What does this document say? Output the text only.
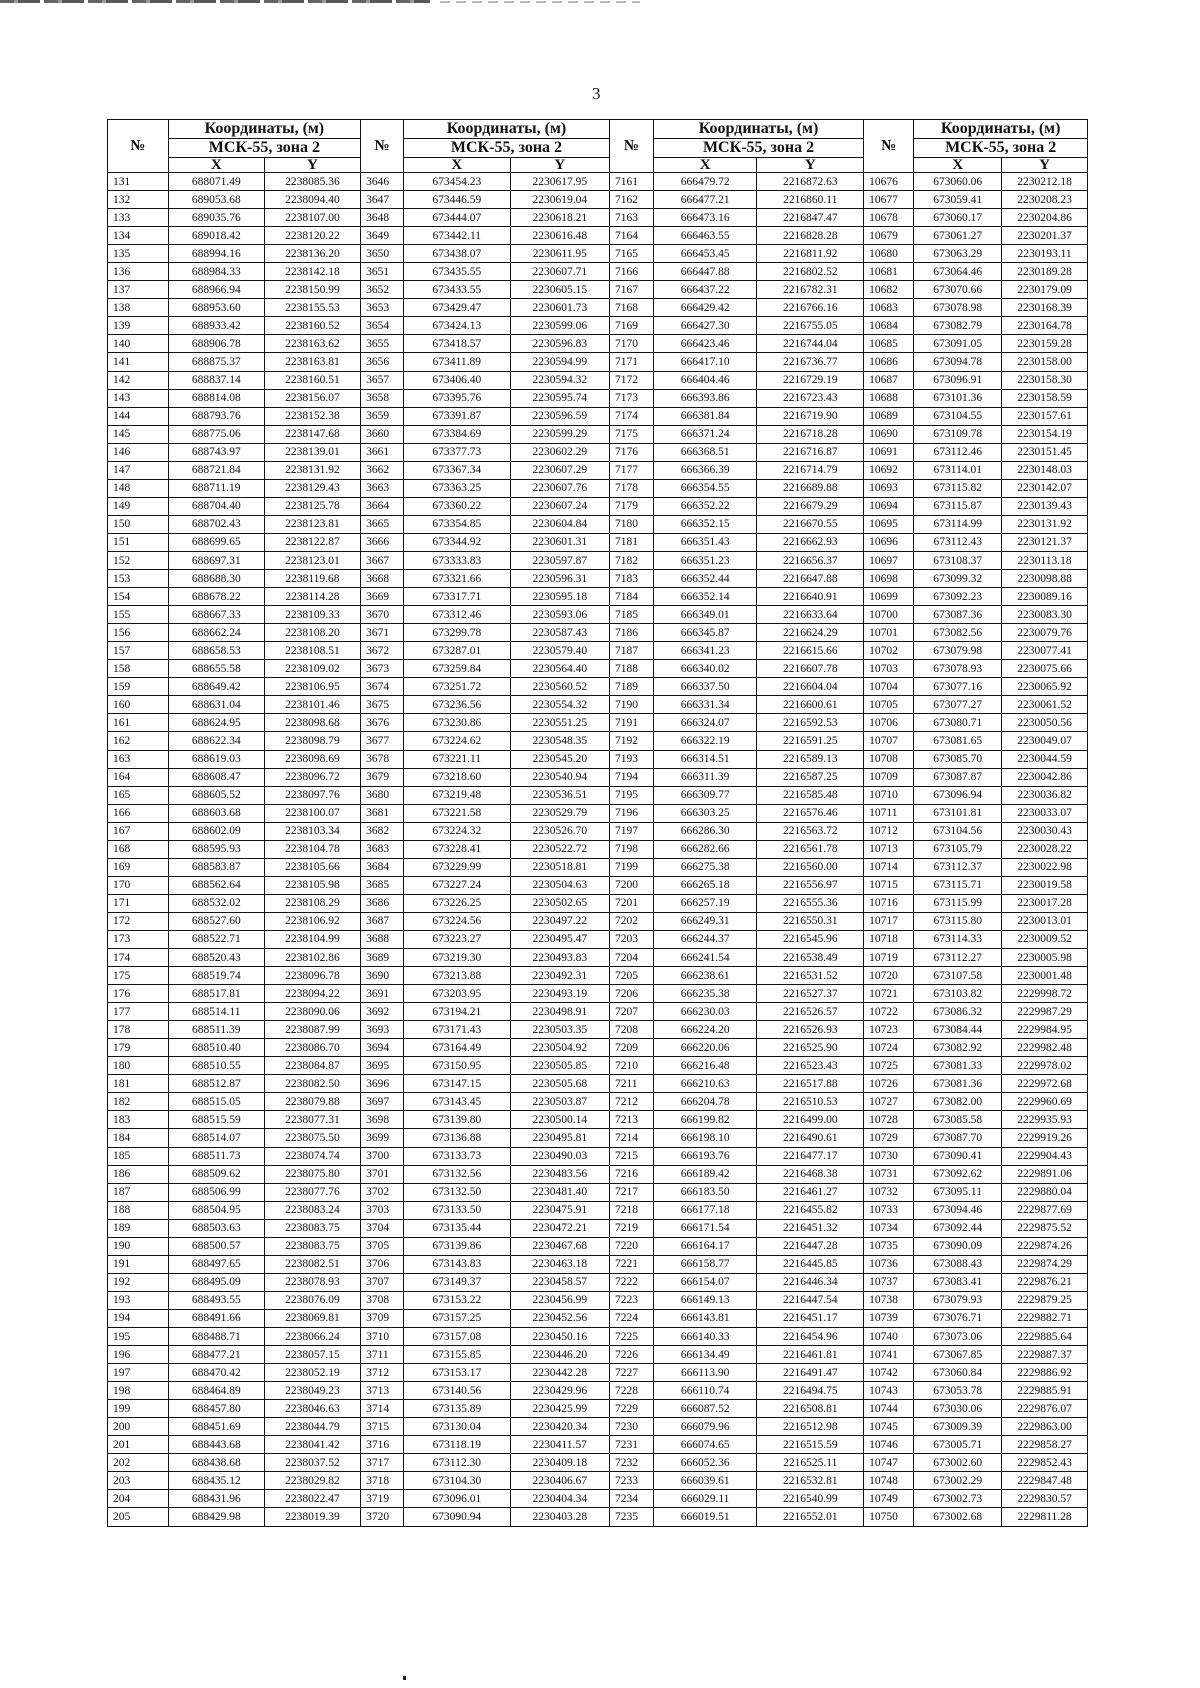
3
№	Координаты, (м)		№	Координаты, (м)		№	Координаты, (м)		№	Координаты, (м)	
	МСК-55, зона 2			МСК-55, зона 2			МСК-55, зона 2			МСК-55, зона 2	
	X	Y		X	Y		X	Y		X	Y
131	688071.49	2238085.36	3646	673454.23	2230617.95	7161	666479.72	2216872.63	10676	673060.06	2230212.18
132	689053.68	2238094.40	3647	673446.59	2230619.04	7162	666477.21	2216860.11	10677	673059.41	2230208.23
133	689035.76	2238107.00	3648	673444.07	2230618.21	7163	666473.16	2216847.47	10678	673060.17	2230204.86
134	689018.42	2238120.22	3649	673442.11	2230616.48	7164	666463.55	2216828.28	10679	673061.27	2230201.37
135	688994.16	2238136.20	3650	673438.07	2230611.95	7165	666453.45	2216811.92	10680	673063.29	2230193.11
136	688984.33	2238142.18	3651	673435.55	2230607.71	7166	666447.88	2216802.52	10681	673064.46	2230189.28
137	688966.94	2238150.99	3652	673433.55	2230605.15	7167	666437.22	2216782.31	10682	673070.66	2230179.09
138	688953.60	2238155.53	3653	673429.47	2230601.73	7168	666429.42	2216766.16	10683	673078.98	2230168.39
139	688933.42	2238160.52	3654	673424.13	2230599.06	7169	666427.30	2216755.05	10684	673082.79	2230164.78
140	688906.78	2238163.62	3655	673418.57	2230596.83	7170	666423.46	2216744.04	10685	673091.05	2230159.28
141	688875.37	2238163.81	3656	673411.89	2230594.99	7171	666417.10	2216736.77	10686	673094.78	2230158.00
142	688837.14	2238160.51	3657	673406.40	2230594.32	7172	666404.46	2216729.19	10687	673096.91	2230158.30
143	688814.08	2238156.07	3658	673395.76	2230595.74	7173	666393.86	2216723.43	10688	673101.36	2230158.59
144	688793.76	2238152.38	3659	673391.87	2230596.59	7174	666381.84	2216719.90	10689	673104.55	2230157.61
145	688775.06	2238147.68	3660	673384.69	2230599.29	7175	666371.24	2216718.28	10690	673109.78	2230154.19
146	688743.97	2238139.01	3661	673377.73	2230602.29	7176	666368.51	2216716.87	10691	673112.46	2230151.45
147	688721.84	2238131.92	3662	673367.34	2230607.29	7177	666366.39	2216714.79	10692	673114.01	2230148.03
148	688711.19	2238129.43	3663	673363.25	2230607.76	7178	666354.55	2216689.88	10693	673115.82	2230142.07
149	688704.40	2238125.78	3664	673360.22	2230607.24	7179	666352.22	2216679.29	10694	673115.87	2230139.43
150	688702.43	2238123.81	3665	673354.85	2230604.84	7180	666352.15	2216670.55	10695	673114.99	2230131.92
151	688699.65	2238122.87	3666	673344.92	2230601.31	7181	666351.43	2216662.93	10696	673112.43	2230121.37
152	688697.31	2238123.01	3667	673333.83	2230597.87	7182	666351.23	2216656.37	10697	673108.37	2230113.18
153	688688.30	2238119.68	3668	673321.66	2230596.31	7183	666352.44	2216647.88	10698	673099.32	2230098.88
154	688678.22	2238114.28	3669	673317.71	2230595.18	7184	666352.14	2216640.91	10699	673092.23	2230089.16
155	688667.33	2238109.33	3670	673312.46	2230593.06	7185	666349.01	2216633.64	10700	673087.36	2230083.30
156	688662.24	2238108.20	3671	673299.78	2230587.43	7186	666345.87	2216624.29	10701	673082.56	2230079.76
157	688658.53	2238108.51	3672	673287.01	2230579.40	7187	666341.23	2216615.66	10702	673079.98	2230077.41
158	688655.58	2238109.02	3673	673259.84	2230564.40	7188	666340.02	2216607.78	10703	673078.93	2230075.66
159	688649.42	2238106.95	3674	673251.72	2230560.52	7189	666337.50	2216604.04	10704	673077.16	2230065.92
160	688631.04	2238101.46	3675	673236.56	2230554.32	7190	666331.34	2216600.61	10705	673077.27	2230061.52
161	688624.95	2238098.68	3676	673230.86	2230551.25	7191	666324.07	2216592.53	10706	673080.71	2230050.56
162	688622.34	2238098.79	3677	673224.62	2230548.35	7192	666322.19	2216591.25	10707	673081.65	2230049.07
163	688619.03	2238098.69	3678	673221.11	2230545.20	7193	666314.51	2216589.13	10708	673085.70	2230044.59
164	688608.47	2238096.72	3679	673218.60	2230540.94	7194	666311.39	2216587.25	10709	673087.87	2230042.86
165	688605.52	2238097.76	3680	673219.48	2230536.51	7195	666309.77	2216585.48	10710	673096.94	2230036.82
166	688603.68	2238100.07	3681	673221.58	2230529.79	7196	666303.25	2216576.46	10711	673101.81	2230033.07
167	688602.09	2238103.34	3682	673224.32	2230526.70	7197	666286.30	2216563.72	10712	673104.56	2230030.43
168	688595.93	2238104.78	3683	673228.41	2230522.72	7198	666282.66	2216561.78	10713	673105.79	2230028.22
169	688583.87	2238105.66	3684	673229.99	2230518.81	7199	666275.38	2216560.00	10714	673112.37	2230022.98
170	688562.64	2238105.98	3685	673227.24	2230504.63	7200	666265.18	2216556.97	10715	673115.71	2230019.58
171	688532.02	2238108.29	3686	673226.25	2230502.65	7201	666257.19	2216555.36	10716	673115.99	2230017.28
172	688527.60	2238106.92	3687	673224.56	2230497.22	7202	666249.31	2216550.31	10717	673115.80	2230013.01
173	688522.71	2238104.99	3688	673223.27	2230495.47	7203	666244.37	2216545.96	10718	673114.33	2230009.52
174	688520.43	2238102.86	3689	673219.30	2230493.83	7204	666241.54	2216538.49	10719	673112.27	2230005.98
175	688519.74	2238096.78	3690	673213.88	2230492.31	7205	666238.61	2216531.52	10720	673107.58	2230001.48
176	688517.81	2238094.22	3691	673203.95	2230493.19	7206	666235.38	2216527.37	10721	673103.82	2229998.72
177	688514.11	2238090.06	3692	673194.21	2230498.91	7207	666230.03	2216526.57	10722	673086.32	2229987.29
178	688511.39	2238087.99	3693	673171.43	2230503.35	7208	666224.20	2216526.93	10723	673084.44	2229984.95
179	688510.40	2238086.70	3694	673164.49	2230504.92	7209	666220.06	2216525.90	10724	673082.92	2229982.48
180	688510.55	2238084.87	3695	673150.95	2230505.85	7210	666216.48	2216523.43	10725	673081.33	2229978.02
181	688512.87	2238082.50	3696	673147.15	2230505.68	7211	666210.63	2216517.88	10726	673081.36	2229972.68
182	688515.05	2238079.88	3697	673143.45	2230503.87	7212	666204.78	2216510.53	10727	673082.00	2229960.69
183	688515.59	2238077.31	3698	673139.80	2230500.14	7213	666199.82	2216499.00	10728	673085.58	2229935.93
184	688514.07	2238075.50	3699	673136.88	2230495.81	7214	666198.10	2216490.61	10729	673087.70	2229919.26
185	688511.73	2238074.74	3700	673133.73	2230490.03	7215	666193.76	2216477.17	10730	673090.41	2229904.43
186	688509.62	2238075.80	3701	673132.56	2230483.56	7216	666189.42	2216468.38	10731	673092.62	2229891.06
187	688506.99	2238077.76	3702	673132.50	2230481.40	7217	666183.50	2216461.27	10732	673095.11	2229880.04
188	688504.95	2238083.24	3703	673133.50	2230475.91	7218	666177.18	2216455.82	10733	673094.46	2229877.69
189	688503.63	2238083.75	3704	673135.44	2230472.21	7219	666171.54	2216451.32	10734	673092.44	2229875.52
190	688500.57	2238083.75	3705	673139.86	2230467.68	7220	666164.17	2216447.28	10735	673090.09	2229874.26
191	688497.65	2238082.51	3706	673143.83	2230463.18	7221	666158.77	2216445.85	10736	673088.43	2229874.29
192	688495.09	2238078.93	3707	673149.37	2230458.57	7222	666154.07	2216446.34	10737	673083.41	2229876.21
193	688493.55	2238076.09	3708	673153.22	2230456.99	7223	666149.13	2216447.54	10738	673079.93	2229879.25
194	688491.66	2238069.81	3709	673157.25	2230452.56	7224	666143.81	2216451.17	10739	673076.71	2229882.71
195	688488.71	2238066.24	3710	673157.08	2230450.16	7225	666140.33	2216454.96	10740	673073.06	2229885.64
196	688477.21	2238057.15	3711	673155.85	2230446.20	7226	666134.49	2216461.81	10741	673067.85	2229887.37
197	688470.42	2238052.19	3712	673153.17	2230442.28	7227	666113.90	2216491.47	10742	673060.84	2229886.92
198	688464.89	2238049.23	3713	673140.56	2230429.96	7228	666110.74	2216494.75	10743	673053.78	2229885.91
199	688457.80	2238046.63	3714	673135.89	2230425.99	7229	666087.52	2216508.81	10744	673030.06	2229876.07
200	688451.69	2238044.79	3715	673130.04	2230420.34	7230	666079.96	2216512.98	10745	673009.39	2229863.00
201	688443.68	2238041.42	3716	673118.19	2230411.57	7231	666074.65	2216515.59	10746	673005.71	2229858.27
202	688438.68	2238037.52	3717	673112.30	2230409.18	7232	666052.36	2216525.11	10747	673002.60	2229852.43
203	688435.12	2238029.82	3718	673104.30	2230406.67	7233	666039.61	2216532.81	10748	673002.29	2229847.48
204	688431.96	2238022.47	3719	673096.01	2230404.34	7234	666029.11	2216540.99	10749	673002.73	2229830.57
205	688429.98	2238019.39	3720	673090.94	2230403.28	7235	666019.51	2216552.01	10750	673002.68	2229811.28
